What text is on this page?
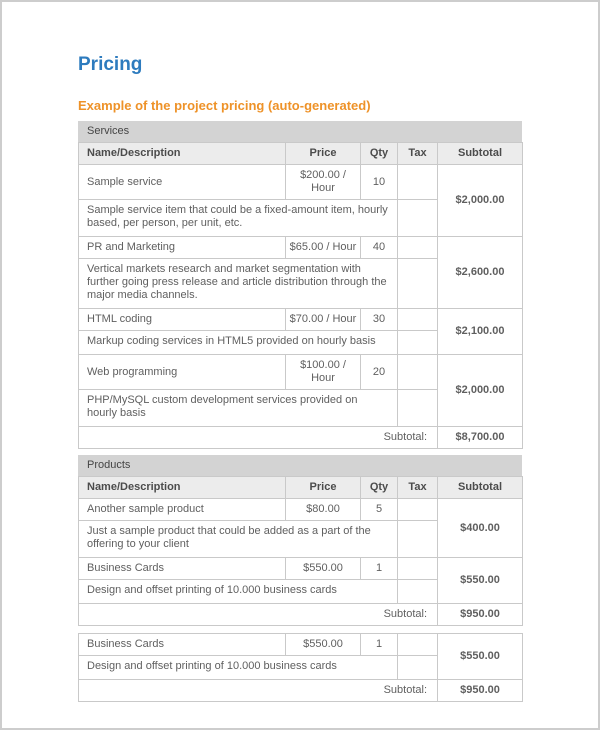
Pricing
Example of the project pricing (auto-generated)
Services
Name/Description	Price	Qty	Tax	Subtotal
Sample service	$200.00 / Hour	10		$2,000.00
Sample service item that could be a fixed-amount item, hourly based, per person, per unit, etc.				
PR and Marketing	$65.00 / Hour	40		$2,600.00
Vertical markets research and market segmentation with further going press release and article distribution through the major media channels.				
HTML coding	$70.00 / Hour	30		$2,100.00
Markup coding services in HTML5 provided on hourly basis				
Web programming	$100.00 / Hour	20		$2,000.00
PHP/MySQL custom development services provided on hourly basis				
Subtotal:				$8,700.00
Products
Name/Description	Price	Qty	Tax	Subtotal
Another sample product	$80.00	5		$400.00
Just a sample product that could be added as a part of the offering to your client				
Business Cards	$550.00	1		$550.00
Design and offset printing of 10.000 business cards				
Subtotal:				$950.00
Business Cards	$550.00	1		$550.00
Design and offset printing of 10.000 business cards				
Subtotal:				$950.00
